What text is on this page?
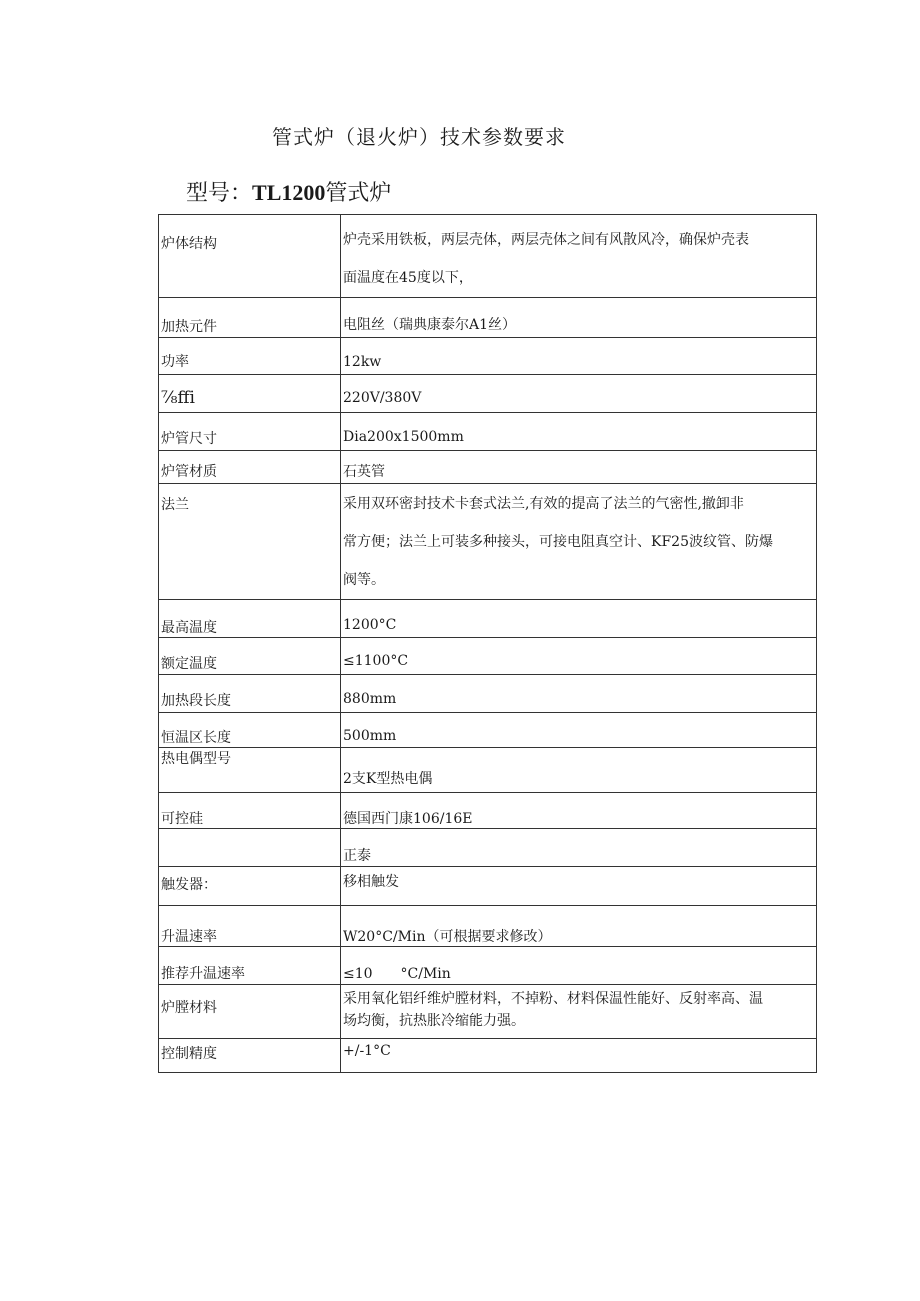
管式炉（退火炉）技术参数要求
型号：TL1200管式炉
炉体结构	炉壳采用铁板，两层壳体，两层壳体之间有风散风冷，确保炉壳表
面温度在45度以下，

加热元件	电阻丝（瑞典康泰尔A1丝）

功率	12kw

⅞ffi	220V/380V

炉管尺寸	Dia200x1500mm

炉管材质	石英管

法兰	采用双环密封技术卡套式法兰,有效的提高了法兰的气密性,撤卸非
常方便；法兰上可装多种接头，可接电阻真空计、KF25波纹管、防爆
阀等。

最高温度	1200°C

额定温度	≤1100°C

加热段长度	880mm

恒温区长度	500mm

热电偶型号	2支K型热电偶

可控硅	德国西门康106/16E

	正泰

触发器：	移相触发

升温速率	W20°C/Min（可根据要求修改）

推荐升温速率	≤10　　°C/Min

炉膛材料	采用氧化铝纤维炉膛材料，不掉粉、材料保温性能好、反射率高、温
场均衡，抗热胀冷缩能力强。

控制精度	+/-1°C
